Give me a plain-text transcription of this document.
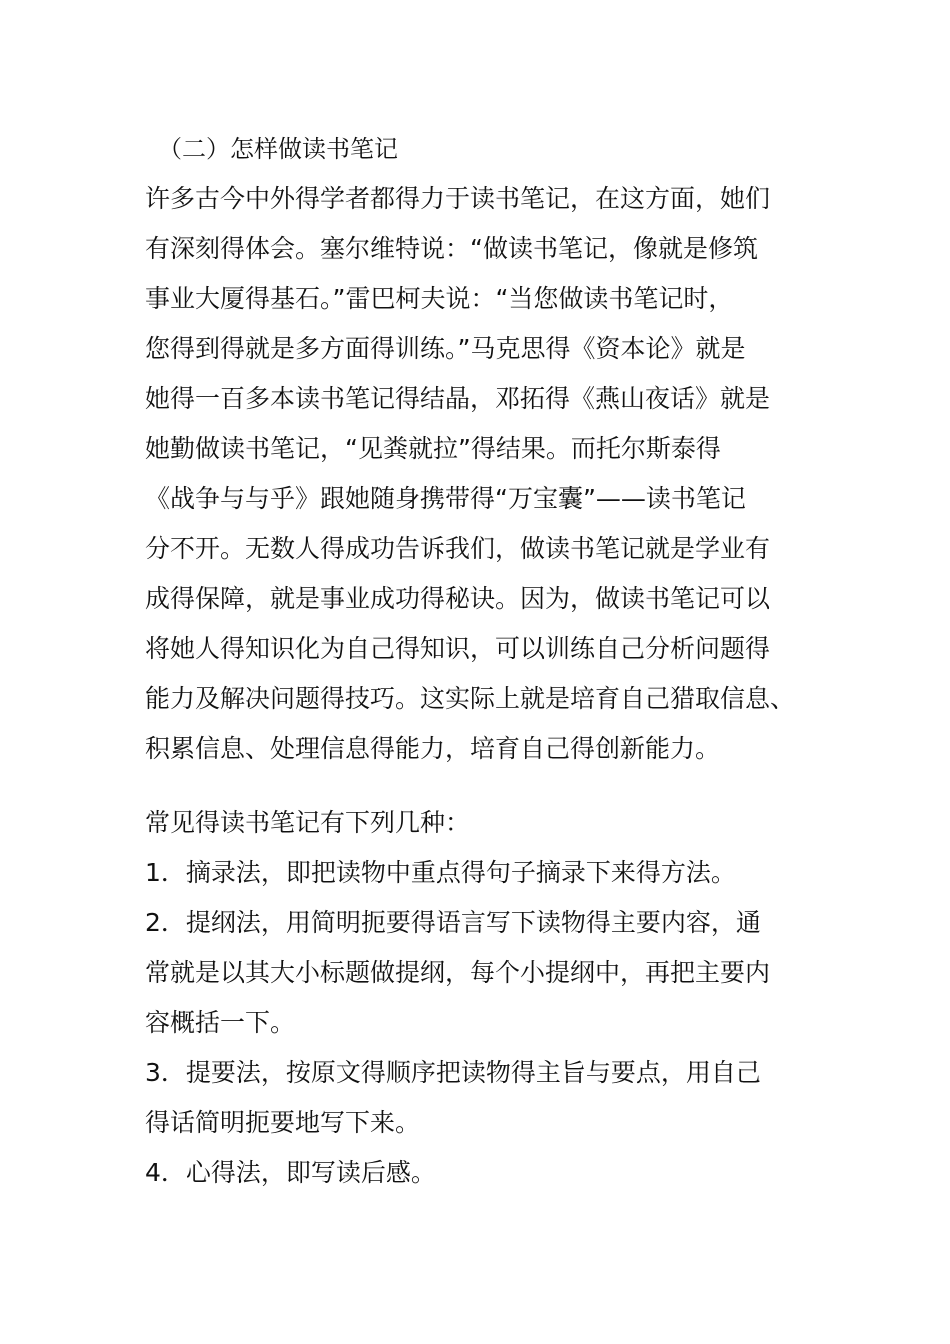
（二）怎样做读书笔记

许多古今中外得学者都得力于读书笔记，在这方面，她们

有深刻得体会。塞尔维特说：“做读书笔记，像就是修筑

事业大厦得基石。”雷巴柯夫说：“当您做读书笔记时，

您得到得就是多方面得训练。”马克思得《资本论》就是

她得一百多本读书笔记得结晶，邓拓得《燕山夜话》就是

她勤做读书笔记，“见粪就拉”得结果。而托尔斯泰得

《战争与与乎》跟她随身携带得“万宝囊”——读书笔记

分不开。无数人得成功告诉我们，做读书笔记就是学业有

成得保障，就是事业成功得秘诀。因为，做读书笔记可以

将她人得知识化为自己得知识，可以训练自己分析问题得

能力及解决问题得技巧。这实际上就是培育自己猎取信息、

积累信息、处理信息得能力，培育自己得创新能力。

常见得读书笔记有下列几种：

1．摘录法，即把读物中重点得句子摘录下来得方法。

2．提纲法，用简明扼要得语言写下读物得主要内容，通

常就是以其大小标题做提纲，每个小提纲中，再把主要内

容概括一下。

3．提要法，按原文得顺序把读物得主旨与要点，用自己

得话简明扼要地写下来。

4．心得法，即写读后感。
